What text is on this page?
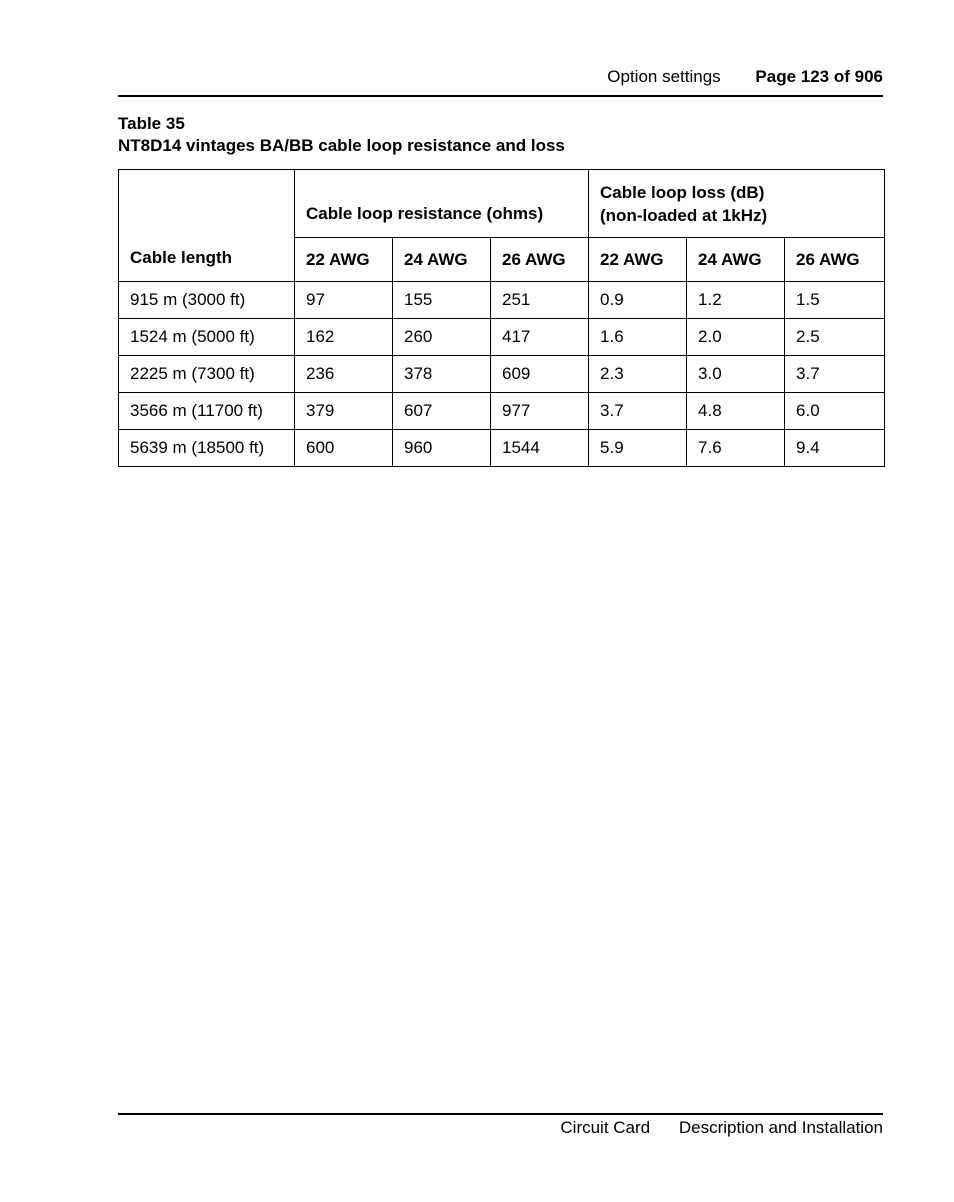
Option settings Page 123 of 906
Table 35
NT8D14 vintages BA/BB cable loop resistance and loss
Cable length	Cable loop resistance (ohms)			Cable loop loss (dB)
(non-loaded at 1kHz)		

	22 AWG	24 AWG	26 AWG	22 AWG	24 AWG	26 AWG
915 m (3000 ft)	97	155	251	0.9	1.2	1.5
1524 m (5000 ft)	162	260	417	1.6	2.0	2.5
2225 m (7300 ft)	236	378	609	2.3	3.0	3.7
3566 m (11700 ft)	379	607	977	3.7	4.8	6.0
5639 m (18500 ft)	600	960	1544	5.9	7.6	9.4
Circuit Card Description and Installation
